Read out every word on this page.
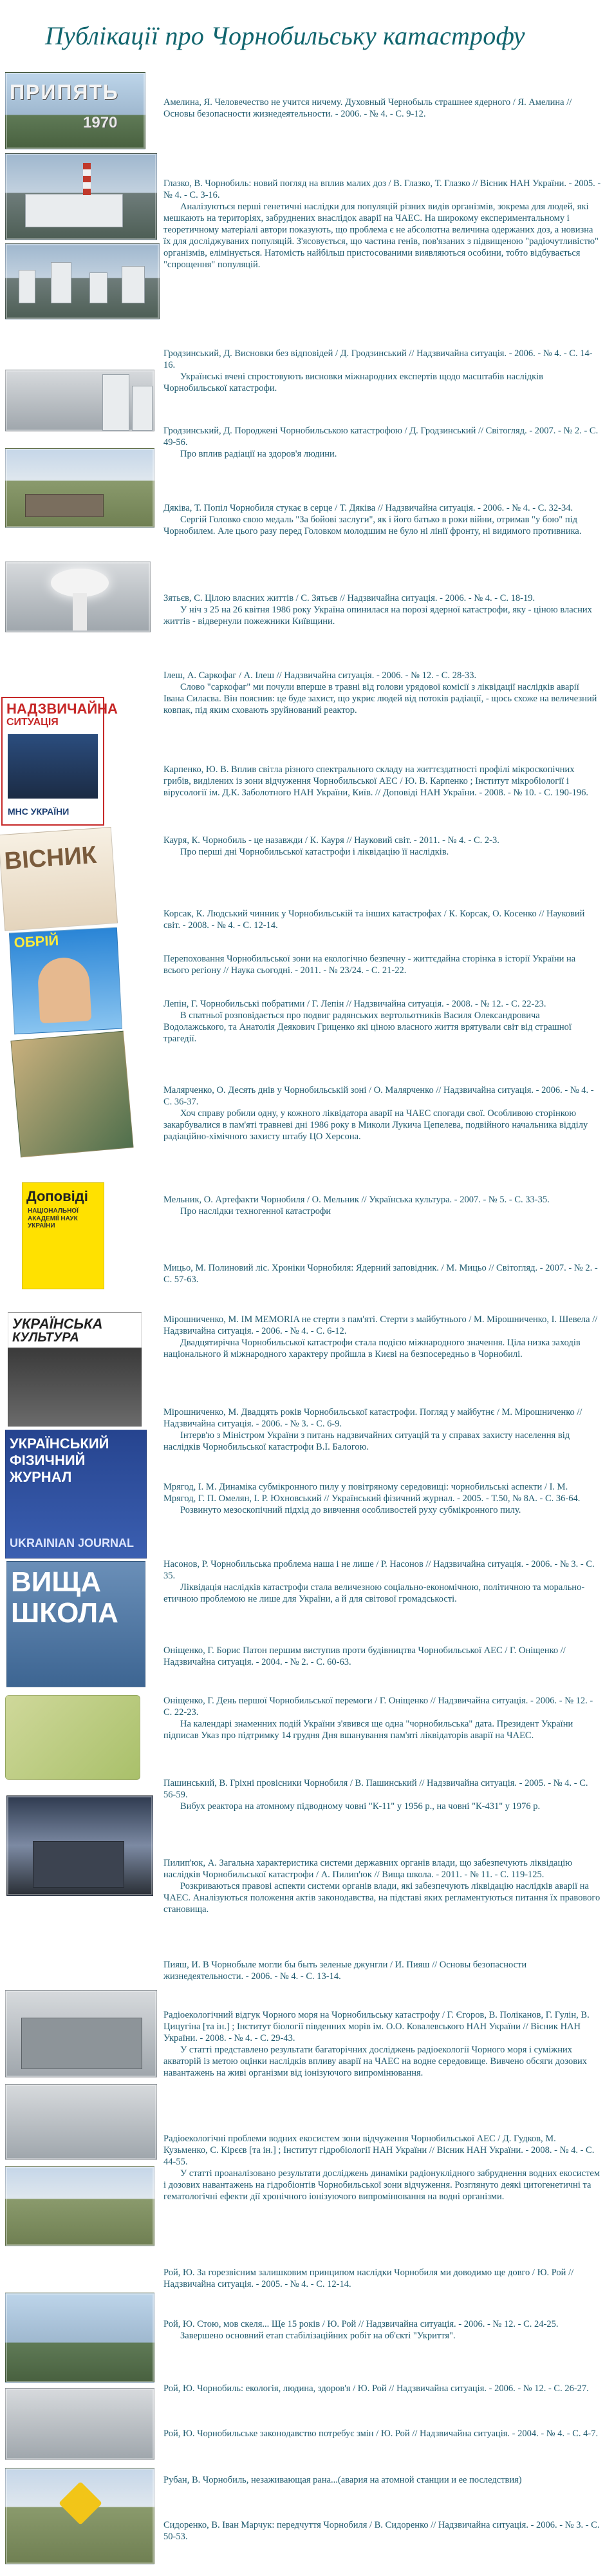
Публікації про Чорнобильську катастрофу
ПРИПЯТЬ
1970
НАДЗВИЧАЙНА
СИТУАЦІЯ
МНС УКРАЇНИ
ВІСНИК
ОБРІЙ
Доповіді
НАЦІОНАЛЬНОЇ АКАДЕМІЇ НАУК УКРАЇНИ
УКРАЇНСЬКА
КУЛЬТУРА
УКРАЇНСЬКИЙ
ФІЗИЧНИЙ
ЖУРНАЛ
UKRAINIAN JOURNAL
ВИЩА
ШКОЛА

Амелина, Я. Человечество не учится ничему. Духовный Чернобыль страшнее ядерного / Я. Амелина // Основы безопасности жизнедеятельности. - 2006. - № 4. - С. 9-12.

Глазко, В. Чорнобиль: новий погляд на вплив малих доз / В. Глазко, Т. Глазко // Вісник НАН України. - 2005. - № 4. - С. 3-16.

Аналізуються перші генетичні наслідки для популяцій різних видів організмів, зокрема для людей, які мешкають на територіях, забруднених внаслідок аварії на ЧАЕС. На широкому експериментальному і теоретичному матеріалі автори показують, що проблема є не абсолютна величина одержаних доз, а новизна їх для досліджуваних популяцій. З'ясовується, що частина генів, пов'язаних з підвищеною "радіочутливістю" організмів, елімінується. Натомість найбільш пристосованими виявляються особини, тобто відбувається "спрощення" популяцій.

Гродзинський, Д. Висновки без відповідей / Д. Гродзинський // Надзвичайна ситуація. - 2006. - № 4. - С. 14-16.

Українські вчені спростовують висновки міжнародних експертів щодо масштабів наслідків Чорнобильської катастрофи.

Гродзинський, Д. Породжені Чорнобильською катастрофою / Д. Гродзинський // Світогляд. - 2007. - № 2. - С. 49-56.

Про вплив радіації на здоров'я людини.

Дяківа, Т. Попіл Чорнобиля стукає в серце / Т. Дяківа // Надзвичайна ситуація. - 2006. - № 4. - С. 32-34.

Сергій Головко свою медаль "За бойові заслуги", як і його батько в роки війни, отримав "у бою" під Чорнобилем. Але цього разу перед Головком молодшим не було ні лінії фронту, ні видимого противника.

Зятьєв, С. Цілою власних життів / С. Зятьєв // Надзвичайна ситуація. - 2006. - № 4. - С. 18-19.

У ніч з 25 на 26 квітня 1986 року Україна опинилася на порозі ядерної катастрофи, яку - ціною власних життів - відвернули пожежники Київщини.

Ілеш, А. Саркофаг / А. Ілеш // Надзвичайна ситуація. - 2006. - № 12. - С. 28-33.

Слово "саркофаг" ми почули вперше в травні від голови урядової комісії з ліквідації наслідків аварії Івана Силаєва. Він пояснив: це буде захист, що укриє людей від потоків радіації, - щось схоже на величезний ковпак, під яким сховають зруйнований реактор.

Карпенко, Ю. В. Вплив світла різного спектрального складу на життєздатності профілі мікроскопічних грибів, виділених із зони відчуження Чорнобильської АЕС / Ю. В. Карпенко ; Інститут мікробіології і вірусології ім. Д.К. Заболотного НАН України, Київ. // Доповіді НАН України. - 2008. - № 10. - С. 190-196.

Кауря, К. Чорнобиль - це назавжди / К. Кауря // Науковий світ. - 2011. - № 4. - С. 2-3.

Про перші дні Чорнобильської катастрофи і ліквідацію її наслідків.

Корсак, К. Людський чинник у Чорнобильській та інших катастрофах / К. Корсак, О. Косенко // Науковий світ. - 2008. - № 4. - С. 12-14.

Перепоховання Чорнобильської зони на екологічно безпечну - життєдайна сторінка в історії України на всього регіону // Наука сьогодні. - 2011. - № 23/24. - С. 21-22.

Лепін, Г. Чорнобильські побратими / Г. Лепін // Надзвичайна ситуація. - 2008. - № 12. - С. 22-23.

В спатньої розповідається про подвиг радянських вертольотників Василя Олександровича Водолажського, та Анатолія Деякович Гриценко які ціною власного життя врятували світ від страшної трагедії.

Малярченко, О. Десять днів у Чорнобильській зоні / О. Малярченко // Надзвичайна ситуація. - 2006. - № 4. - С. 36-37.

Хоч справу робили одну, у кожного ліквідатора аварії на ЧАЕС спогади свої. Особливою сторінкою закарбувалися в пам'яті травневі дні 1986 року в Миколи Лукича Цепелева, подвійного начальника відділу радіаційно-хімічного захисту штабу ЦО Херсона.

Мельник, О. Артефакти Чорнобиля / О. Мельник // Українська культура. - 2007. - № 5. - С. 33-35.

Про наслідки техногенної катастрофи

Мицьо, М. Полиновий ліс. Хроніки Чорнобиля: Ядерний заповідник. / М. Мицьо // Світогляд. - 2007. - № 2. - С. 57-63.

Мірошниченко, М. ІМ MEMORIA не стерти з пам'яті. Стерти з майбутнього / М. Мірошниченко, І. Шевела // Надзвичайна ситуація. - 2006. - № 4. - С. 6-12.

Двадцятирічна Чорнобильської катастрофи стала подією міжнародного значення. Ціла низка заходів національного й міжнародного характеру пройшла в Києві на безпосередньо в Чорнобилі.

Мірошниченко, М. Двадцять років Чорнобильської катастрофи. Погляд у майбутнє / М. Мірошниченко // Надзвичайна ситуація. - 2006. - № 3. - С. 6-9.

Інтерв'ю з Міністром України з питань надзвичайних ситуацій та у справах захисту населення від наслідків Чорнобильської катастрофи В.І. Балогою.

Мрягод, І. М. Динаміка субмікронного пилу у повітряному середовищі: чорнобильські аспекти / І. М. Мрягод, Г. П. Омелян, І. Р. Юхновський // Український фізичний журнал. - 2005. - Т.50, № 8А. - С. 36-64.

Розвинуто мезоскопічний підхід до вивчення особливостей руху субмікронного пилу.

Насонов, Р. Чорнобильська проблема наша і не лише / Р. Насонов // Надзвичайна ситуація. - 2006. - № 3. - С. 35.

Ліквідація наслідків катастрофи стала величезною соціально-економічною, політичною та морально-етичною проблемою не лише для України, а й для світової громадськості.

Оніщенко, Г. Борис Патон першим виступив проти будівництва Чорнобильської АЕС / Г. Оніщенко // Надзвичайна ситуація. - 2004. - № 2. - С. 60-63.

Оніщенко, Г. День першої Чорнобильської перемоги / Г. Оніщенко // Надзвичайна ситуація. - 2006. - № 12. - С. 22-23.

На календарі знаменних подій України з'явився ще одна "чорнобильська" дата. Президент України підписав Указ про підтримку 14 грудня Дня вшанування пам'яті ліквідаторів аварії на ЧАЕС.

Пашинський, В. Гріхні провісники Чорнобиля / В. Пашинський // Надзвичайна ситуація. - 2005. - № 4. - С. 56-59.

Вибух реактора на атомному підводному човні "К-11" у 1956 р., на човні "К-431" у 1976 р.

Пилип'юк, А. Загальна характеристика системи державних органів влади, що забезпечують ліквідацію наслідків Чорнобильської катастрофи / А. Пилип'юк // Вища школа. - 2011. - № 11. - С. 119-125.

Розкриваються правові аспекти системи органів влади, які забезпечують ліквідацію наслідків аварії на ЧАЕС. Аналізуються положення актів законодавства, на підставі яких регламентуються питання їх правового становища.

Пияш, И. В Чорнобыле могли бы быть зеленые джунгли / И. Пияш // Основы безопасности жизнедеятельности. - 2006. - № 4. - С. 13-14.

Радіоекологічний відгук Чорного моря на Чорнобильську катастрофу / Г. Єгоров, В. Поліканов, Г. Гулін, В. Цицугіна [та ін.] ; Інститут біології південних морів ім. О.О. Ковалевського НАН України // Вісник НАН України. - 2008. - № 4. - С. 29-43.

У статті представлено результати багаторічних досліджень радіоекології Чорного моря і суміжних акваторій із метою оцінки наслідків впливу аварії на ЧАЕС на водне середовище. Вивчено обсяги дозових навантажень на живі організми від іонізуючого випромінювання.

Радіоекологічні проблеми водних екосистем зони відчуження Чорнобильської АЕС / Д. Гудков, М. Кузьменко, С. Кірєєв [та ін.] ; Інститут гідробіології НАН України // Вісник НАН України. - 2008. - № 4. - С. 44-55.

У статті проаналізовано результати досліджень динаміки радіонуклідного забруднення водних екосистем і дозових навантажень на гідробіонтів Чорнобильської зони відчуження. Розглянуто деякі цитогенетичні та гематологічні ефекти дії хронічного іонізуючого випромінювання на водні організми.

Рой, Ю. За горезвісним залишковим принципом наслідки Чорнобиля ми доводимо ще довго / Ю. Рой // Надзвичайна ситуація. - 2005. - № 4. - С. 12-14.

Рой, Ю. Стою, мов скеля... Ще 15 років / Ю. Рой // Надзвичайна ситуація. - 2006. - № 12. - С. 24-25.

Завершено основний етап стабілізаційних робіт на об'єкті "Укриття".

Рой, Ю. Чорнобиль: екологія, людина, здоров'я / Ю. Рой // Надзвичайна ситуація. - 2006. - № 12. - С. 26-27.

Рой, Ю. Чорнобильське законодавство потребує змін / Ю. Рой // Надзвичайна ситуація. - 2004. - № 4. - С. 4-7.

Рубан, В. Чорнобиль, незаживающая рана...(авария на атомной станции и ее последствия)

Сидоренко, В. Іван Марчук: передчуття Чорнобиля / В. Сидоренко // Надзвичайна ситуація. - 2006. - № 3. - С. 50-53.
